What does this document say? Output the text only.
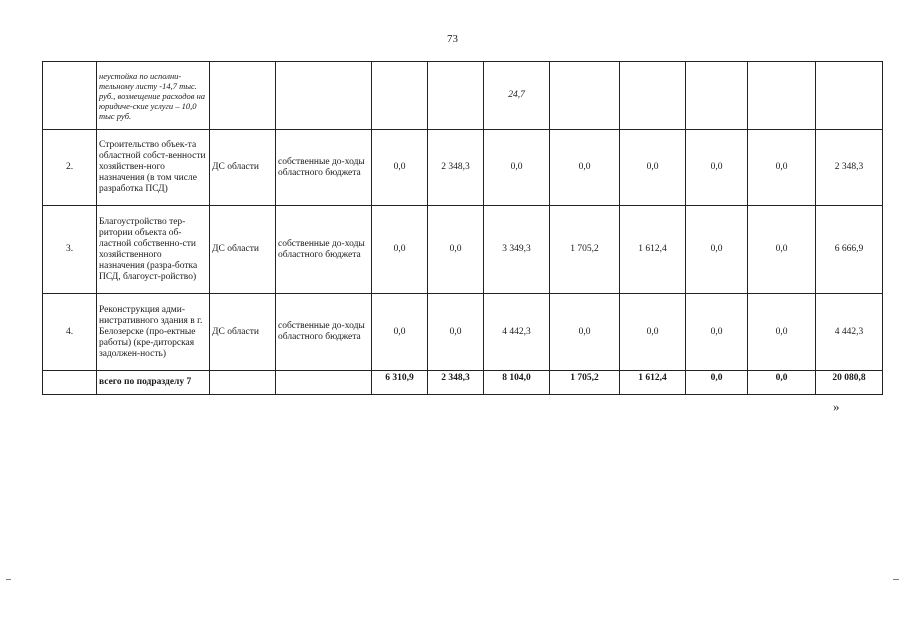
73
	неустойка по исполни-тельному листу -14,7 тыс. руб., возмещение расходов на юридиче-ские услуги – 10,0 тыс руб.					24,7					
2.	Строительство объек-та областной собст-венности хозяйствен-ного назначения (в том числе разработка ПСД)	ДС области	собственные до-ходы областного бюджета	0,0	2 348,3	0,0	0,0	0,0	0,0	0,0	2 348,3
3.	Благоустройство тер-ритории объекта об-ластной собственно-сти хозяйственного назначения (разра-ботка ПСД, благоуст-ройство)	ДС области	собственные до-ходы областного бюджета	0,0	0,0	3 349,3	1 705,2	1 612,4	0,0	0,0	6 666,9
4.	Реконструкция адми-нистративного здания в г. Белозерске (про-ектные работы) (кре-диторская задолжен-ность)	ДС области	собственные до-ходы областного бюджета	0,0	0,0	4 442,3	0,0	0,0	0,0	0,0	4 442,3
	всего по подразделу 7			6 310,9	2 348,3	8 104,0	1 705,2	1 612,4	0,0	0,0	20 080,8
»
